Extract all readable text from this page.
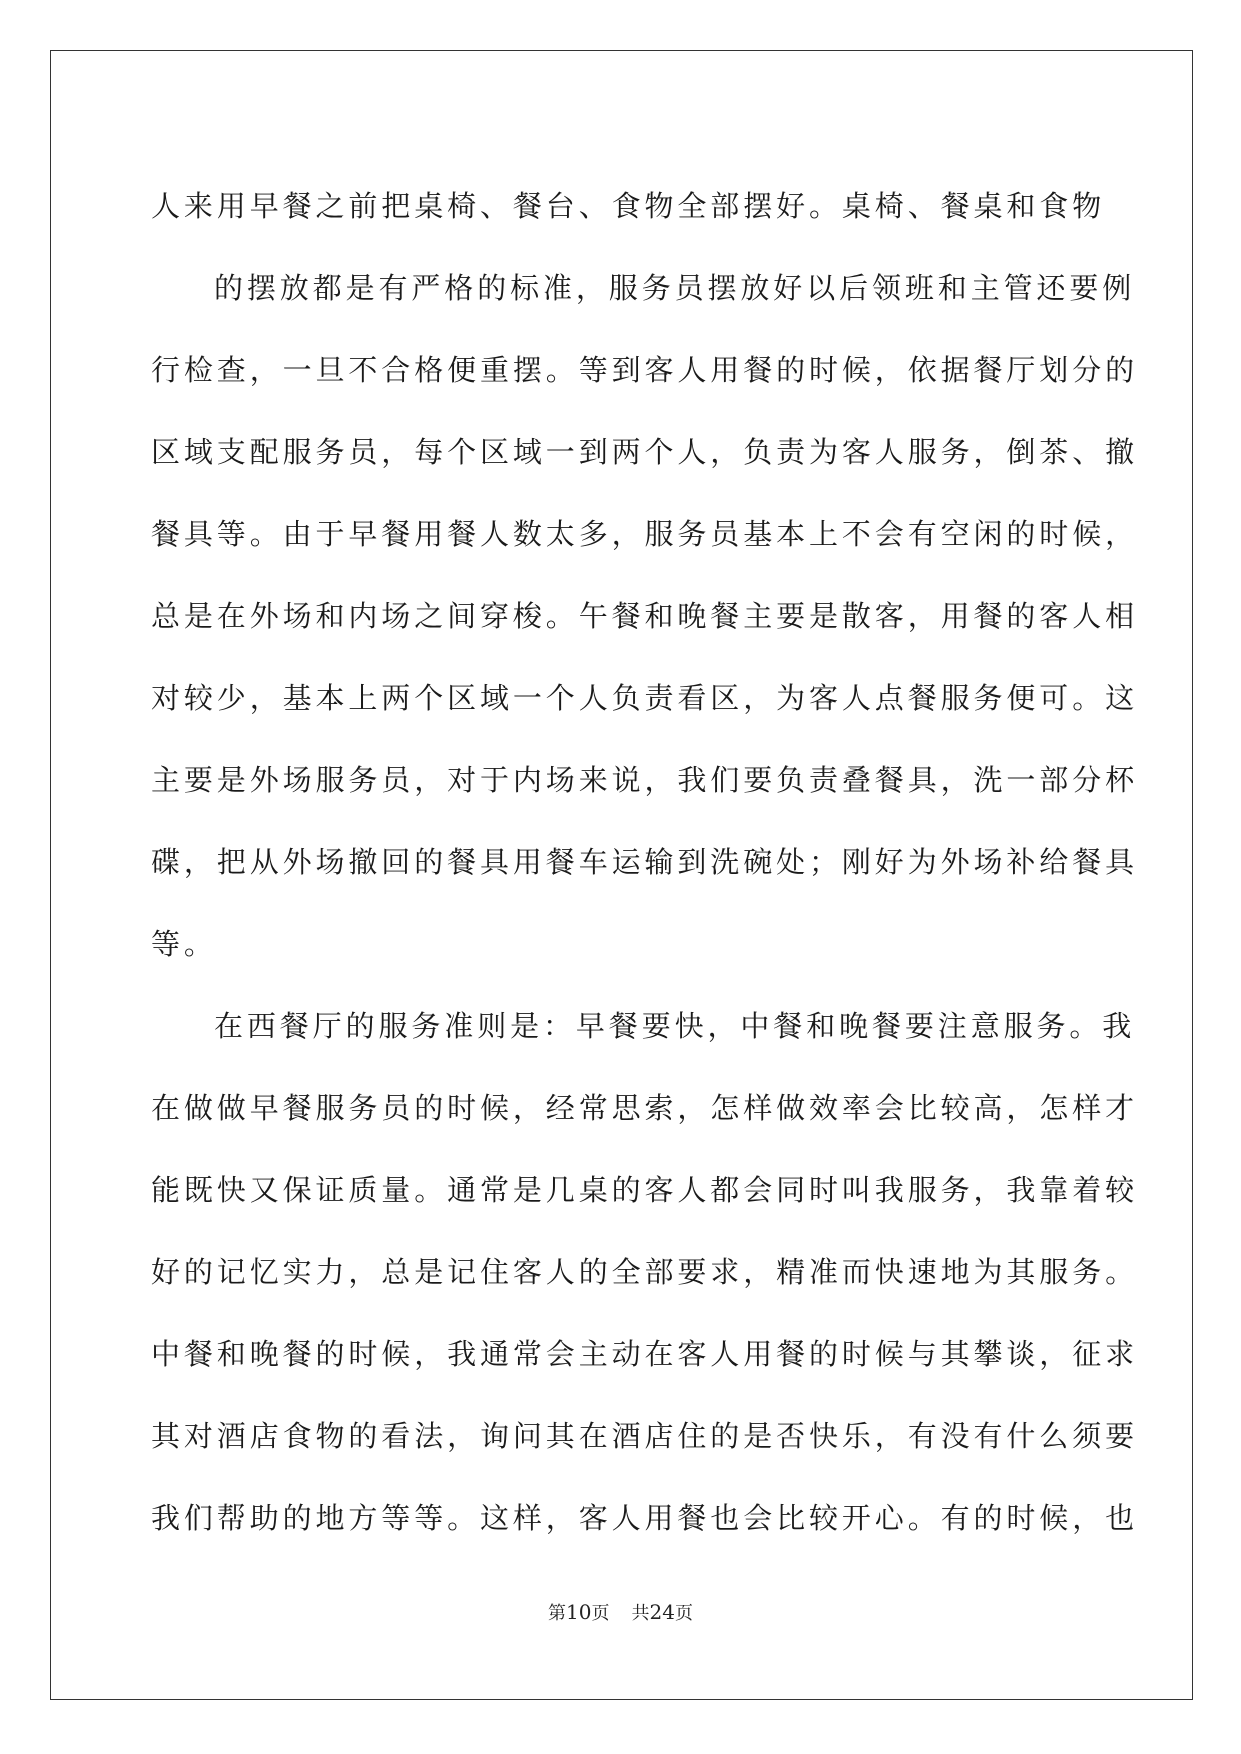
人来用早餐之前把桌椅、餐台、食物全部摆好。桌椅、餐桌和食物

的摆放都是有严格的标准，服务员摆放好以后领班和主管还要例

行检查，一旦不合格便重摆。等到客人用餐的时候，依据餐厅划分的

区域支配服务员，每个区域一到两个人，负责为客人服务，倒茶、撤

餐具等。由于早餐用餐人数太多，服务员基本上不会有空闲的时候，

总是在外场和内场之间穿梭。午餐和晚餐主要是散客，用餐的客人相

对较少，基本上两个区域一个人负责看区，为客人点餐服务便可。这

主要是外场服务员，对于内场来说，我们要负责叠餐具，洗一部分杯

碟，把从外场撤回的餐具用餐车运输到洗碗处；刚好为外场补给餐具

等。

在西餐厅的服务准则是：早餐要快，中餐和晚餐要注意服务。我

在做做早餐服务员的时候，经常思索，怎样做效率会比较高，怎样才

能既快又保证质量。通常是几桌的客人都会同时叫我服务，我靠着较

好的记忆实力，总是记住客人的全部要求，精准而快速地为其服务。

中餐和晚餐的时候，我通常会主动在客人用餐的时候与其攀谈，征求

其对酒店食物的看法，询问其在酒店住的是否快乐，有没有什么须要

我们帮助的地方等等。这样，客人用餐也会比较开心。有的时候，也

第10页 共24页
